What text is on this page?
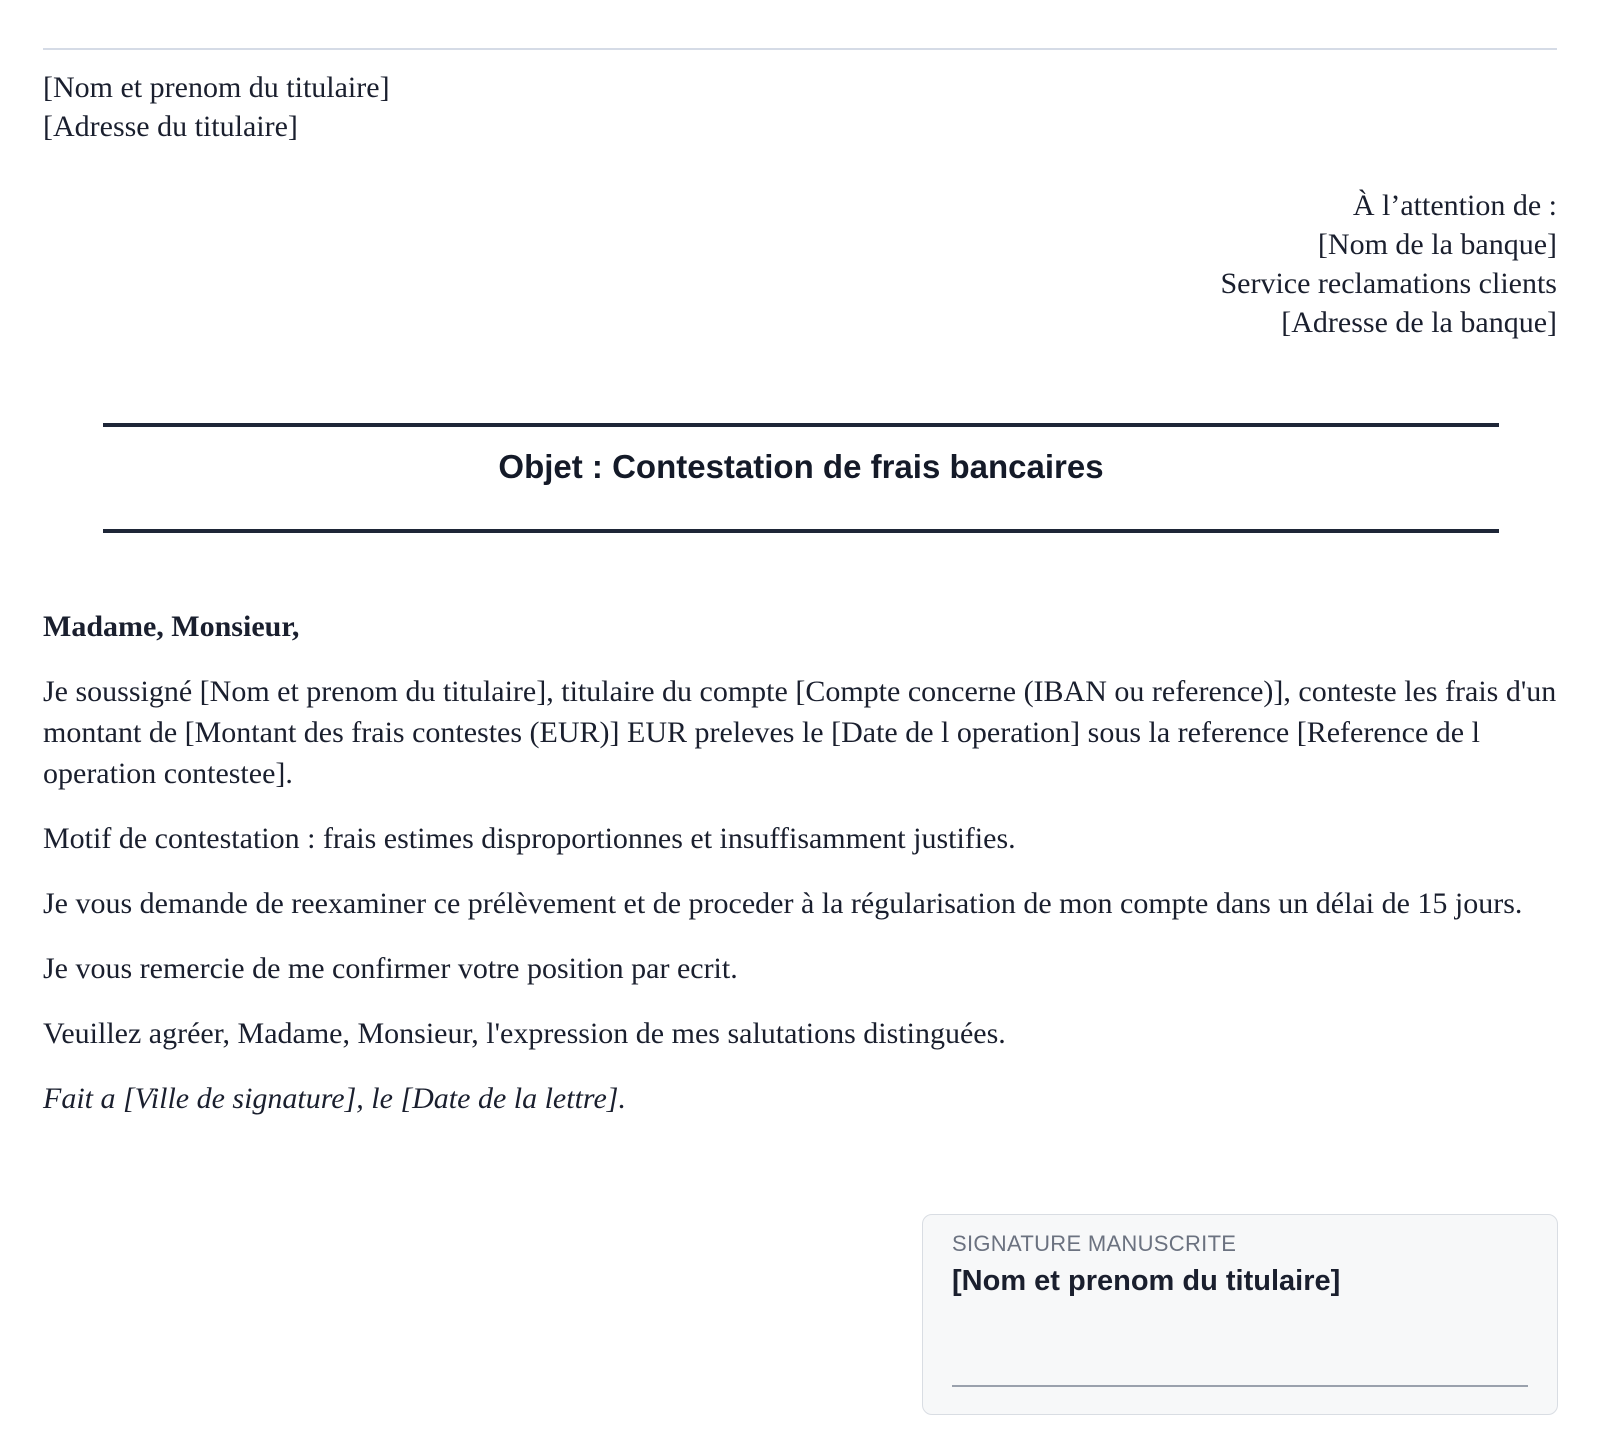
[Nom et prenom du titulaire]
[Adresse du titulaire]
À l’attention de :
[Nom de la banque]
Service reclamations clients
[Adresse de la banque]
Objet : Contestation de frais bancaires

Madame, Monsieur,

Je soussigné [Nom et prenom du titulaire], titulaire du compte [Compte concerne (IBAN ou reference)], conteste les frais d'un montant de [Montant des frais contestes (EUR)] EUR preleves le [Date de l operation] sous la reference [Reference de l operation contestee].

Motif de contestation : frais estimes disproportionnes et insuffisamment justifies.

Je vous demande de reexaminer ce prélèvement et de proceder à la régularisation de mon compte dans un délai de 15 jours.

Je vous remercie de me confirmer votre position par ecrit.

Veuillez agréer, Madame, Monsieur, l'expression de mes salutations distinguées.

Fait a [Ville de signature], le [Date de la lettre].

SIGNATURE MANUSCRITE
[Nom et prenom du titulaire]
